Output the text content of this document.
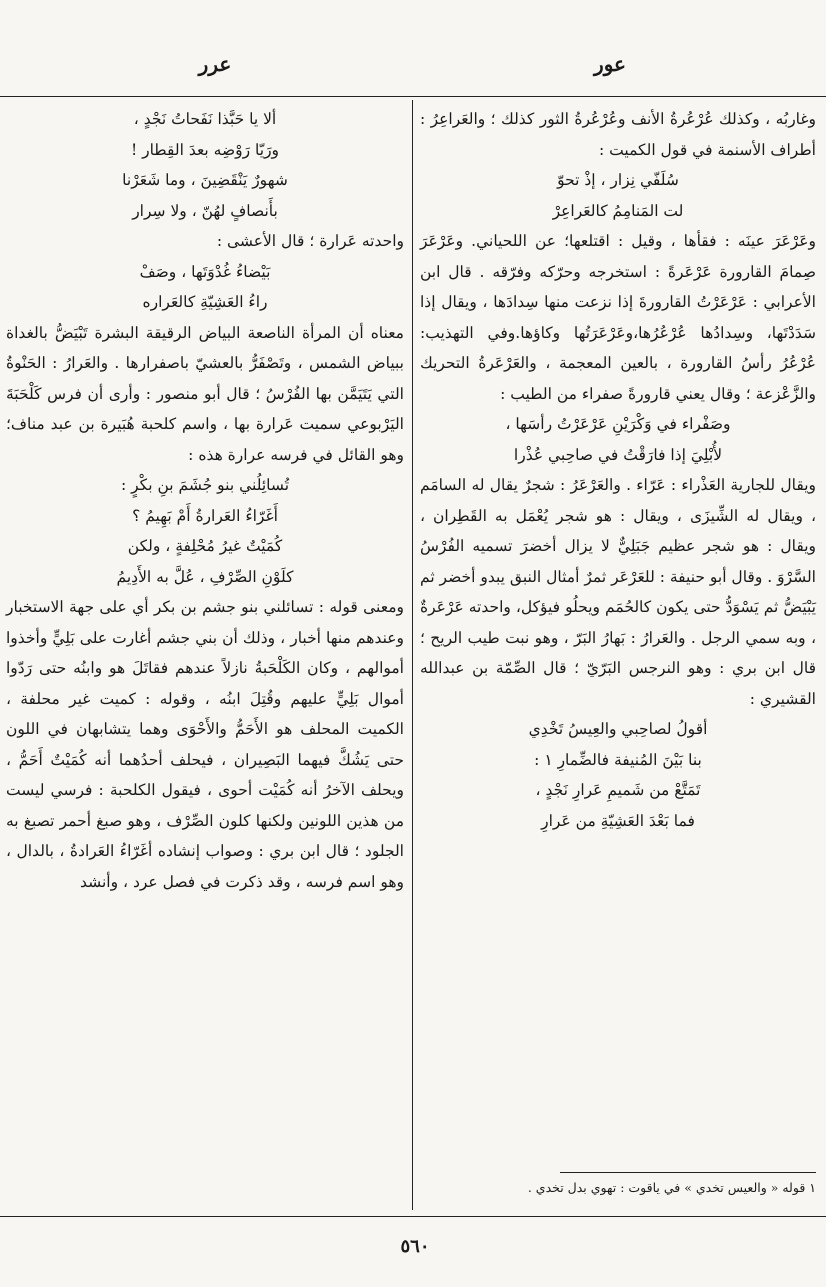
عور
عرر

وغاربُه ، وكذلك عُرْعُرةُ الأنف وعُرْعُرةُ الثور كذلك ؛ والعَراعِرُ : أطراف الأسنمة في قول الكميت :

سُلَفّي نِزار ، إذْ تحوّ

لت المَنامِمُ كالعَراعِرْ

وعَرْعَرَ عينَه : فقأها ، وقيل : اقتلعها؛ عن اللحياني. وعَرْعَرَ صِمامَ القارورة عَرْعَرةً : استخرجه وحرّكه وفرّقه . قال ابن الأعرابي : عَرْعَرْتُ القارورةَ إذا نزعت منها سِدادَها ، ويقال إذا سَدَدْتَها، وسِدادُها عُرْعُرُها،وعَرْعَرَتُها وكاؤها.وفي التهذيب: عُرْعُرُ رأسُ القارورة ، بالعين المعجمة ، والعَرْعَرةُ التحريك والزَّعْزعة ؛ وقال يعني قارورةً صفراء من الطيب :

وصَفْراء في وَكْرَيْنِ عَرْعَرْتُ رأسَها ،

لأُبْلِيَ إذا فارَقْتُ في صاحِبي عُذْرا

ويقال للجارية العَذْراء : عَرّاء . والعَرْعَرُ : شجرٌ يقال له السامَم ، ويقال له الشِّيزَى ، ويقال : هو شجر يُعْمَل به القَطِران ، ويقال : هو شجر عظيم جَبَلِيٌّ لا يزال أخضرَ تسميه الفُرْسُ السَّرْوَ . وقال أبو حنيفة : للعَرْعَر ثمرٌ أمثال النبق يبدو أخضر ثم يَبْيَضُّ ثم يَسْوَدُّ حتى يكون كالحُمَم ويحلُو فيؤكل، واحدته عَرْعَرةٌ ، وبه سمي الرجل . والعَرارُ : بَهارُ البَرّ ، وهو نبت طيب الريح ؛ قال ابن بري : وهو النرجس البَرّيّ ؛ قال الصِّمّة بن عبدالله القشيري :

أقولُ لصاحِبي والعِيسُ تَخْدِي

بنا بَيْنَ المُنيفة فالضِّمارِ ١ :

تَمَتَّعْ من شَميمِ عَرارِ نَجْدٍ ،

فما بَعْدَ العَشِيّةِ من عَرارِ

ألا يا حَبَّذا نَفَحاتُ نَجْدٍ ،

ورَيّا رَوْضِه بعدَ القِطار !

شهورٌ يَنْقَضِينَ ، وما شَعَرْنا

بأَنصافٍ لهُنّ ، ولا سِرار

واحدته عَرارة ؛ قال الأعشى :

بَيْضاءُ غُدْوَتَها ، وصَفْ

راءُ العَشِيّةِ كالعَراره

معناه أن المرأة الناصعة البياض الرقيقة البشرة تَبْيَضُّ بالغداة ببياض الشمس ، وتَصْفَرُّ بالعشيّ باصفرارها . والعَرارُ : الحَنْوةُ التي يَتَيَمَّن بها الفُرْسُ ؛ قال أبو منصور : وأرى أن فرس كَلْحَبَةَ اليَرْبوعي سميت عَرارة بها ، واسم كلحبة هُبَيرة بن عبد مناف؛ وهو القائل في فرسه عرارة هذه :

تُسائِلُني بنو جُشَمَ بنِ بكْرٍ :

أَغَرّاءُ العَرارةُ أَمْ بَهِيمُ ؟

كُمَيْتٌ غيرُ مُحْلِفةٍ ، ولكن

كلَوْنِ الصِّرْفِ ، عُلَّ به الأَدِيمُ

ومعنى قوله : تسائلني بنو جشم بن بكر أي على جهة الاستخبار وعندهم منها أخبار ، وذلك أن بني جشم أغارت على بَلِيٍّ وأخذوا أموالهم ، وكان الكَلْحَبةُ نازلاً عندهم فقاتَلَ هو وابنُه حتى رَدّوا أموال بَلِيٍّ عليهم وقُتِلَ ابنُه ، وقوله : كميت غير محلفة ، الكميت المحلف هو الأَحَمُّ والأَحْوَى وهما يتشابهان في اللون حتى يَشُكَّ فيهما البَصِيران ، فيحلف أحدُهما أنه كُمَيْتٌ أَحَمُّ ، ويحلف الآخرُ أنه كُمَيْت أحوى ، فيقول الكلحبة : فرسي ليست من هذين اللونين ولكنها كلون الصِّرْف ، وهو صبغ أحمر تصبغ به الجلود ؛ قال ابن بري : وصواب إنشاده أغَرّاءُ العَرادةُ ، بالدال ، وهو اسم فرسه ، وقد ذكرت في فصل عرد ، وأنشد

١ قوله « والعيس تخدي » في ياقوت : تهوي بدل تخدي .
٥٦٠
